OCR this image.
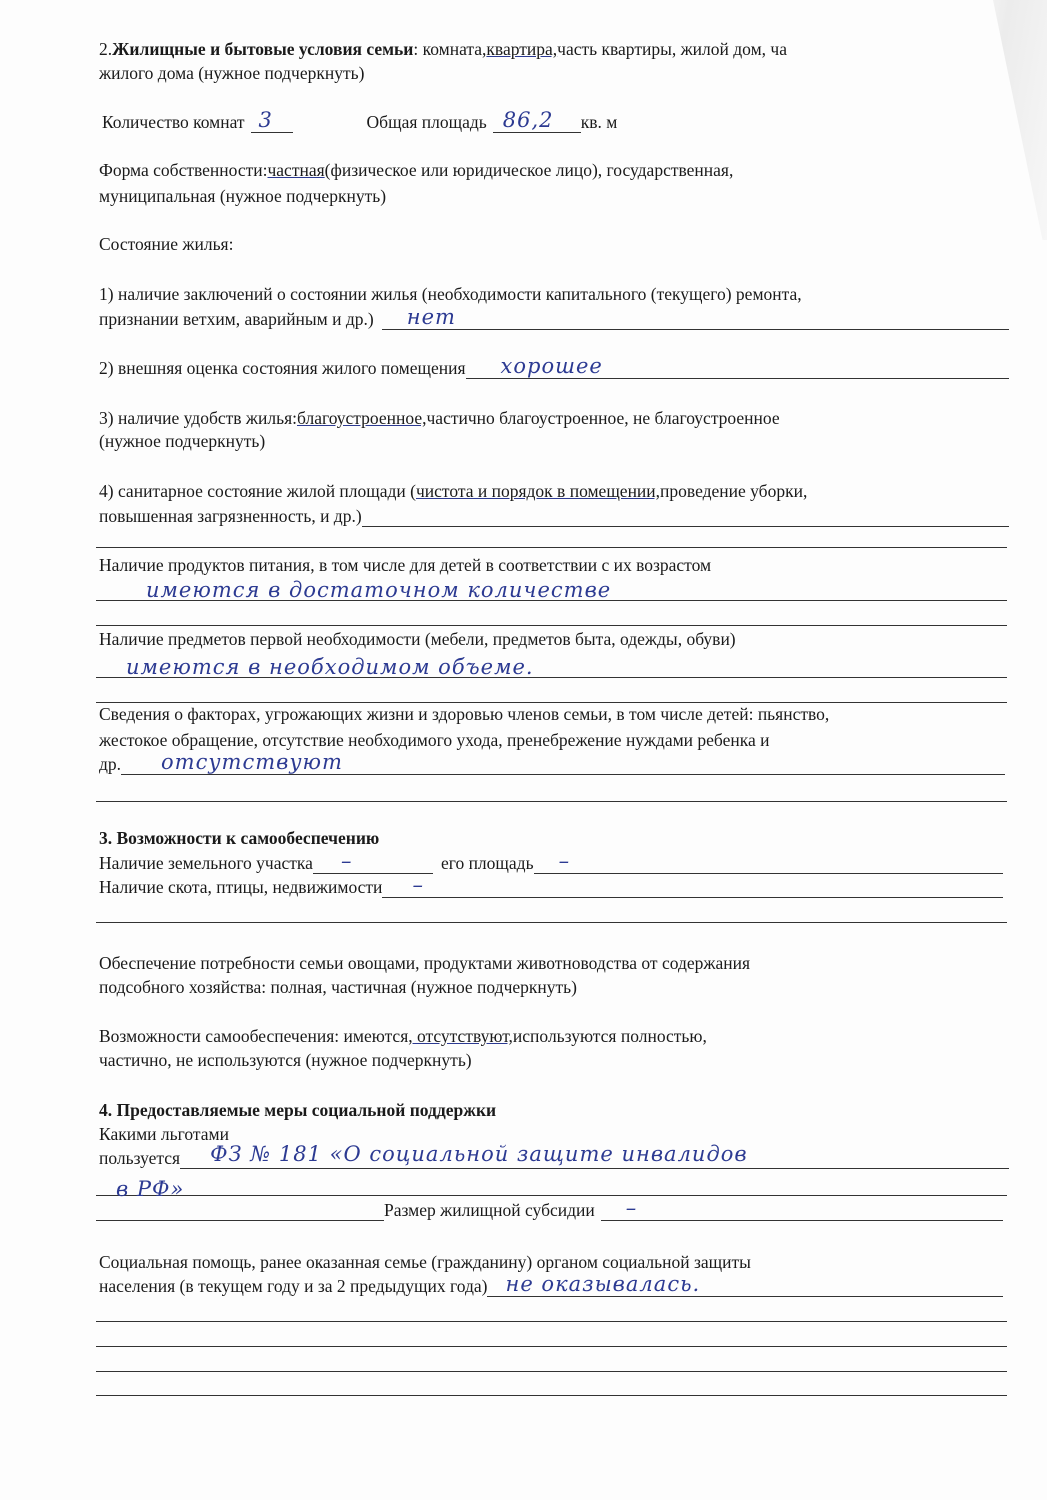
2. Жилищные и бытовые условия семьи : комната, квартира, часть квартиры, жилой дом, ча
жилого дома (нужное подчеркнуть)
Количество комнат 3	Общая площадь 86,2 кв. м
Форма собственности: частная (физическое или юридическое лицо), государственная,
муниципальная (нужное подчеркнуть)
Состояние жилья:
1) наличие заключений о состоянии жилья (необходимости капитального (текущего) ремонта,
признании ветхим, аварийным и др.) нет
2) внешняя оценка состояния жилого помещения хорошее
3) наличие удобств жилья: благоустроенное, частично благоустроенное, не благоустроенное
(нужное подчеркнуть)
4) санитарное состояние жилой площади ( чистота и порядок в помещении, проведение уборки,
повышенная загрязненность, и др.)
Наличие продуктов питания, в том числе для детей в соответствии с их возрастом
имеются в достаточном количестве
Наличие предметов первой необходимости (мебели, предметов быта, одежды, обуви)
имеются в необходимом объеме.
Сведения о факторах, угрожающих жизни и здоровью членов семьи, в том числе детей: пьянство,
жестокое обращение, отсутствие необходимого ухода, пренебрежение нуждами ребенка и
др. отсутствуют
3. Возможности к самообеспечению
Наличие земельного участка –	его площадь –
Наличие скота, птицы, недвижимости –
Обеспечение потребности семьи овощами, продуктами животноводства от содержания
подсобного хозяйства: полная, частичная (нужное подчеркнуть)
Возможности самообеспечения: имеются , отсутствуют, используются полностью,
частично, не используются (нужное подчеркнуть)
4. Предоставляемые меры социальной поддержки
Какими льготами
пользуется ФЗ № 181 «О социальной защите инвалидов
в РФ»
Размер жилищной субсидии –
Социальная помощь, ранее оказанная семье (гражданину) органом социальной защиты
населения (в текущем году и за 2 предыдущих года) не оказывалась.
